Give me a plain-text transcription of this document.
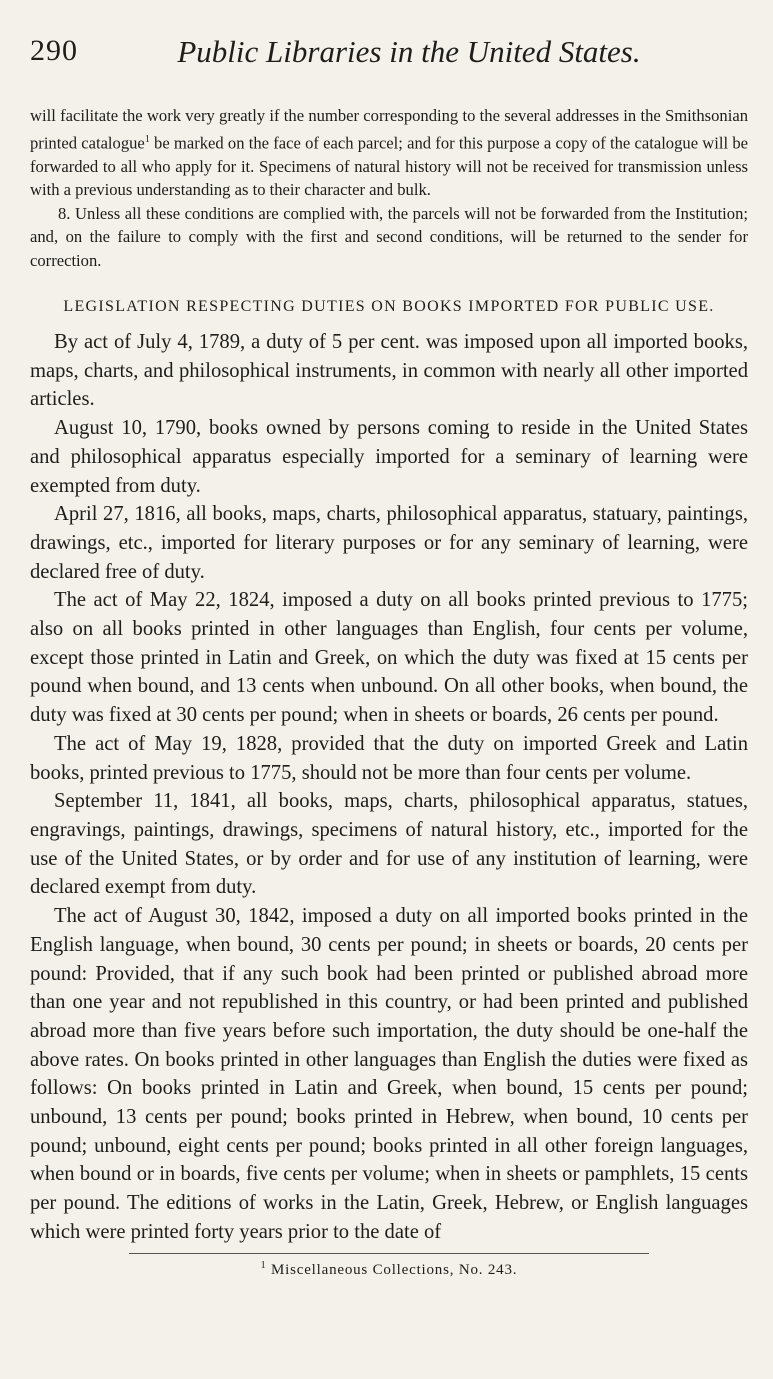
290	Public Libraries in the United States.

will facilitate the work very greatly if the number corresponding to the several addresses in the Smithsonian printed catalogue$^1$ be marked on the face of each parcel; and for this purpose a copy of the catalogue will be forwarded to all who apply for it. Specimens of natural history will not be received for transmission unless with a previous understanding as to their character and bulk.

8. Unless all these conditions are complied with, the parcels will not be forwarded from the Institution; and, on the failure to comply with the first and second conditions, will be returned to the sender for correction.

LEGISLATION RESPECTING DUTIES ON BOOKS IMPORTED FOR PUBLIC USE.

By act of July 4, 1789, a duty of 5 per cent. was imposed upon all imported books, maps, charts, and philosophical instruments, in common with nearly all other imported articles.

August 10, 1790, books owned by persons coming to reside in the United States and philosophical apparatus especially imported for a seminary of learning were exempted from duty.

April 27, 1816, all books, maps, charts, philosophical apparatus, statuary, paintings, drawings, etc., imported for literary purposes or for any seminary of learning, were declared free of duty.

The act of May 22, 1824, imposed a duty on all books printed previous to 1775; also on all books printed in other languages than English, four cents per volume, except those printed in Latin and Greek, on which the duty was fixed at 15 cents per pound when bound, and 13 cents when unbound. On all other books, when bound, the duty was fixed at 30 cents per pound; when in sheets or boards, 26 cents per pound.

The act of May 19, 1828, provided that the duty on imported Greek and Latin books, printed previous to 1775, should not be more than four cents per volume.

September 11, 1841, all books, maps, charts, philosophical apparatus, statues, engravings, paintings, drawings, specimens of natural history, etc., imported for the use of the United States, or by order and for use of any institution of learning, were declared exempt from duty.

The act of August 30, 1842, imposed a duty on all imported books printed in the English language, when bound, 30 cents per pound; in sheets or boards, 20 cents per pound: Provided, that if any such book had been printed or published abroad more than one year and not republished in this country, or had been printed and published abroad more than five years before such importation, the duty should be one-half the above rates. On books printed in other languages than English the duties were fixed as follows: On books printed in Latin and Greek, when bound, 15 cents per pound; unbound, 13 cents per pound; books printed in Hebrew, when bound, 10 cents per pound; unbound, eight cents per pound; books printed in all other foreign languages, when bound or in boards, five cents per volume; when in sheets or pamphlets, 15 cents per pound. The editions of works in the Latin, Greek, Hebrew, or English languages which were printed forty years prior to the date of

$^1$ Miscellaneous Collections, No. 243.
